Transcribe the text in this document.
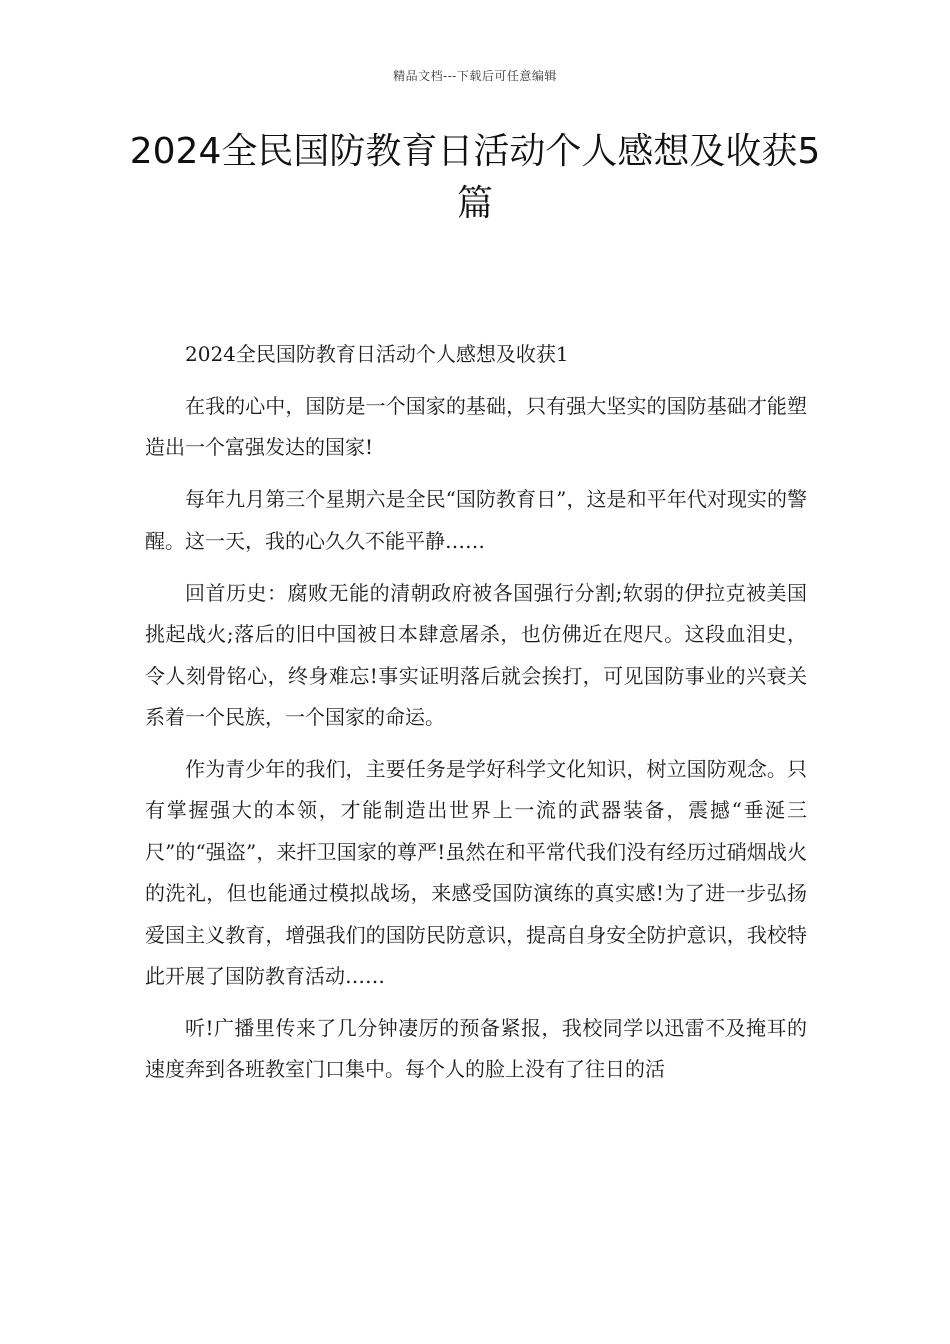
精品文档---下载后可任意编辑
2024全民国防教育日活动个人感想及收获5篇

2024全民国防教育日活动个人感想及收获1

在我的心中，国防是一个国家的基础，只有强大坚实的国防基础才能塑造出一个富强发达的国家!

每年九月第三个星期六是全民“国防教育日”，这是和平年代对现实的警醒。这一天，我的心久久不能平静……

回首历史：腐败无能的清朝政府被各国强行分割;软弱的伊拉克被美国挑起战火;落后的旧中国被日本肆意屠杀，也仿佛近在咫尺。这段血泪史，令人刻骨铭心，终身难忘!事实证明落后就会挨打，可见国防事业的兴衰关系着一个民族，一个国家的命运。

作为青少年的我们，主要任务是学好科学文化知识，树立国防观念。只有掌握强大的本领，才能制造出世界上一流的武器装备，震撼“垂涎三尺”的“强盗”，来扞卫国家的尊严!虽然在和平常代我们没有经历过硝烟战火的洗礼，但也能通过模拟战场，来感受国防演练的真实感!为了进一步弘扬爱国主义教育，增强我们的国防民防意识，提高自身安全防护意识，我校特此开展了国防教育活动……

听!广播里传来了几分钟凄厉的预备紧报，我校同学以迅雷不及掩耳的速度奔到各班教室门口集中。每个人的脸上没有了往日的活
